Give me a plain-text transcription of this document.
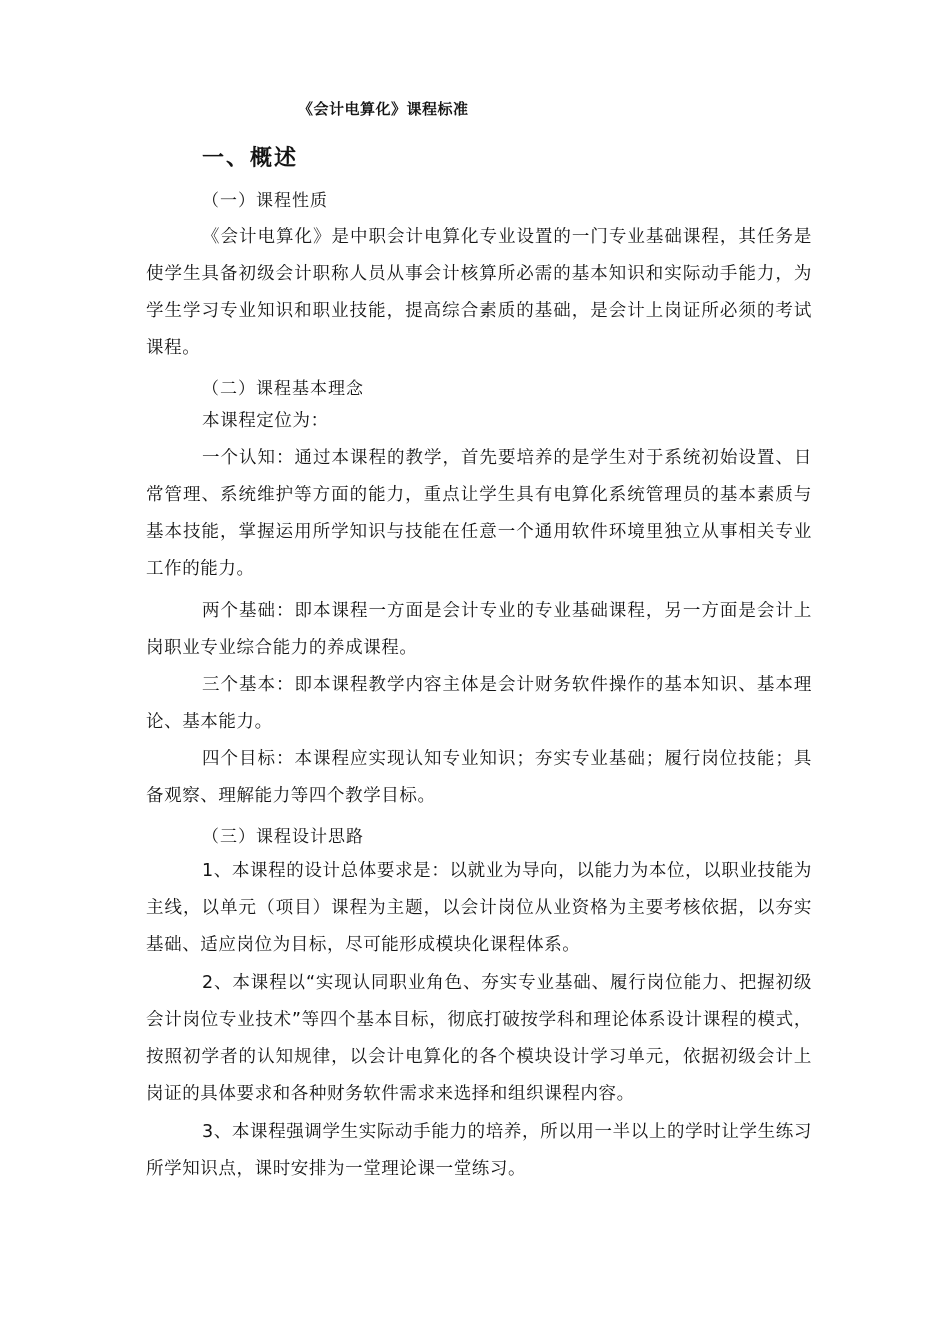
《会计电算化》课程标准
一、概述
（一）课程性质
《会计电算化》是中职会计电算化专业设置的一门专业基础课程，其任务是使学生具备初级会计职称人员从事会计核算所必需的基本知识和实际动手能力，为学生学习专业知识和职业技能，提高综合素质的基础，是会计上岗证所必须的考试课程。
（二）课程基本理念
本课程定位为：
一个认知：通过本课程的教学，首先要培养的是学生对于系统初始设置、日常管理、系统维护等方面的能力，重点让学生具有电算化系统管理员的基本素质与基本技能，掌握运用所学知识与技能在任意一个通用软件环境里独立从事相关专业工作的能力。
两个基础：即本课程一方面是会计专业的专业基础课程，另一方面是会计上岗职业专业综合能力的养成课程。
三个基本：即本课程教学内容主体是会计财务软件操作的基本知识、基本理论、基本能力。
四个目标：本课程应实现认知专业知识；夯实专业基础；履行岗位技能；具备观察、理解能力等四个教学目标。
（三）课程设计思路
1、本课程的设计总体要求是：以就业为导向，以能力为本位，以职业技能为主线，以单元（项目）课程为主题，以会计岗位从业资格为主要考核依据，以夯实基础、适应岗位为目标，尽可能形成模块化课程体系。
2、本课程以“实现认同职业角色、夯实专业基础、履行岗位能力、把握初级会计岗位专业技术”等四个基本目标，彻底打破按学科和理论体系设计课程的模式，按照初学者的认知规律，以会计电算化的各个模块设计学习单元，依据初级会计上岗证的具体要求和各种财务软件需求来选择和组织课程内容。
3、本课程强调学生实际动手能力的培养，所以用一半以上的学时让学生练习所学知识点，课时安排为一堂理论课一堂练习。
